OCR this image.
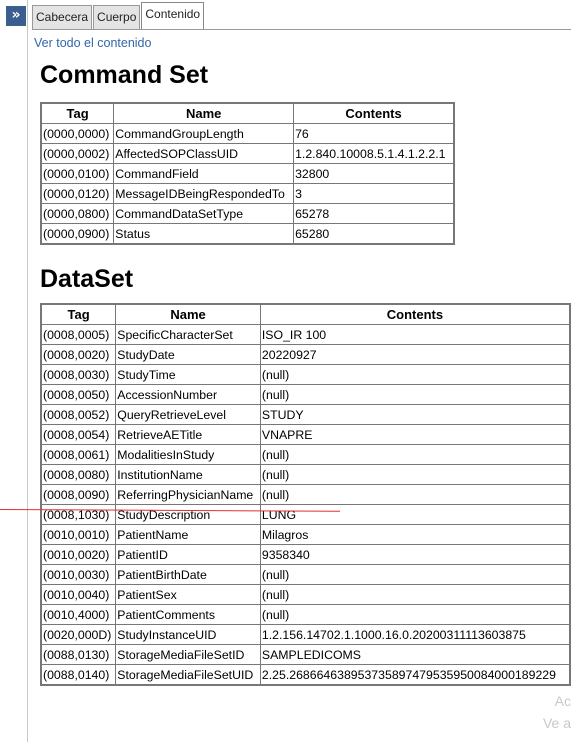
»	Cabecera Cuerpo Contenido
Ver todo el contenido
Command Set
Tag	Name	Contents
(0000,0000)	CommandGroupLength	76
(0000,0002)	AffectedSOPClassUID	1.2.840.10008.5.1.4.1.2.2.1
(0000,0100)	CommandField	32800
(0000,0120)	MessageIDBeingRespondedTo	3
(0000,0800)	CommandDataSetType	65278
(0000,0900)	Status	65280
DataSet
Tag	Name	Contents
(0008,0005)	SpecificCharacterSet	ISO_IR 100
(0008,0020)	StudyDate	20220927
(0008,0030)	StudyTime	(null)
(0008,0050)	AccessionNumber	(null)
(0008,0052)	QueryRetrieveLevel	STUDY
(0008,0054)	RetrieveAETitle	VNAPRE
(0008,0061)	ModalitiesInStudy	(null)
(0008,0080)	InstitutionName	(null)
(0008,0090)	ReferringPhysicianName	(null)
(0008,1030)	StudyDescription	LUNG
(0010,0010)	PatientName	Milagros
(0010,0020)	PatientID	9358340
(0010,0030)	PatientBirthDate	(null)
(0010,0040)	PatientSex	(null)
(0010,4000)	PatientComments	(null)
(0020,000D)	StudyInstanceUID	1.2.156.14702.1.1000.16.0.20200311113603875
(0088,0130)	StorageMediaFileSetID	SAMPLEDICOMS
(0088,0140)	StorageMediaFileSetUID	2.25.268664638953735897479535950084000189229
Ac
Ve a
